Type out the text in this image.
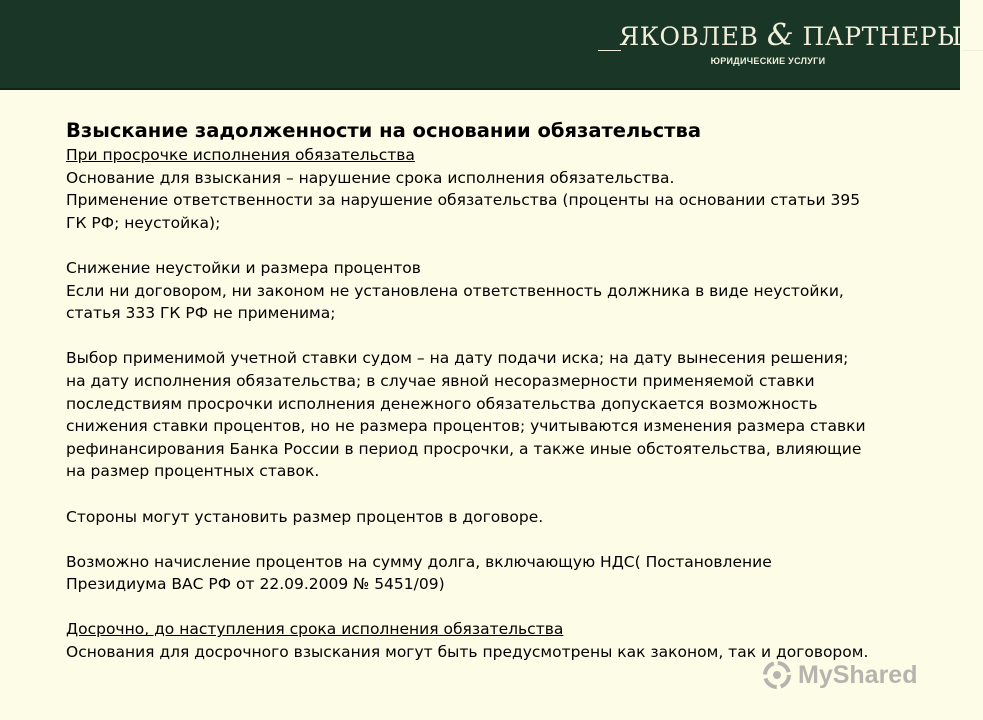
__ЯКОВЛЕВ & ПАРТНЕРЫ__
ЮРИДИЧЕСКИЕ УСЛУГИ
Взыскание задолженности на основании обязательства
При просрочке исполнения обязательства
Основание для взыскания – нарушение срока исполнения обязательства.
Применение ответственности за нарушение обязательства (проценты на основании статьи 395
ГК РФ; неустойка);
Снижение неустойки и размера процентов
Если ни договором, ни законом не установлена ответственность должника в виде неустойки,
статья 333 ГК РФ не применима;
Выбор применимой учетной ставки судом – на дату подачи иска; на дату вынесения решения;
на дату исполнения обязательства; в случае явной несоразмерности применяемой ставки
последствиям просрочки исполнения денежного обязательства допускается возможность
снижения ставки процентов, но не размера процентов; учитываются изменения размера ставки
рефинансирования Банка России в период просрочки, а также иные обстоятельства, влияющие
на размер процентных ставок.
Стороны могут установить размер процентов в договоре.
Возможно начисление процентов на сумму долга, включающую НДС( Постановление
Президиума ВАС РФ от 22.09.2009 № 5451/09)
Досрочно, до наступления срока исполнения обязательства
Основания для досрочного взыскания могут быть предусмотрены как законом, так и договором.
MyShared
